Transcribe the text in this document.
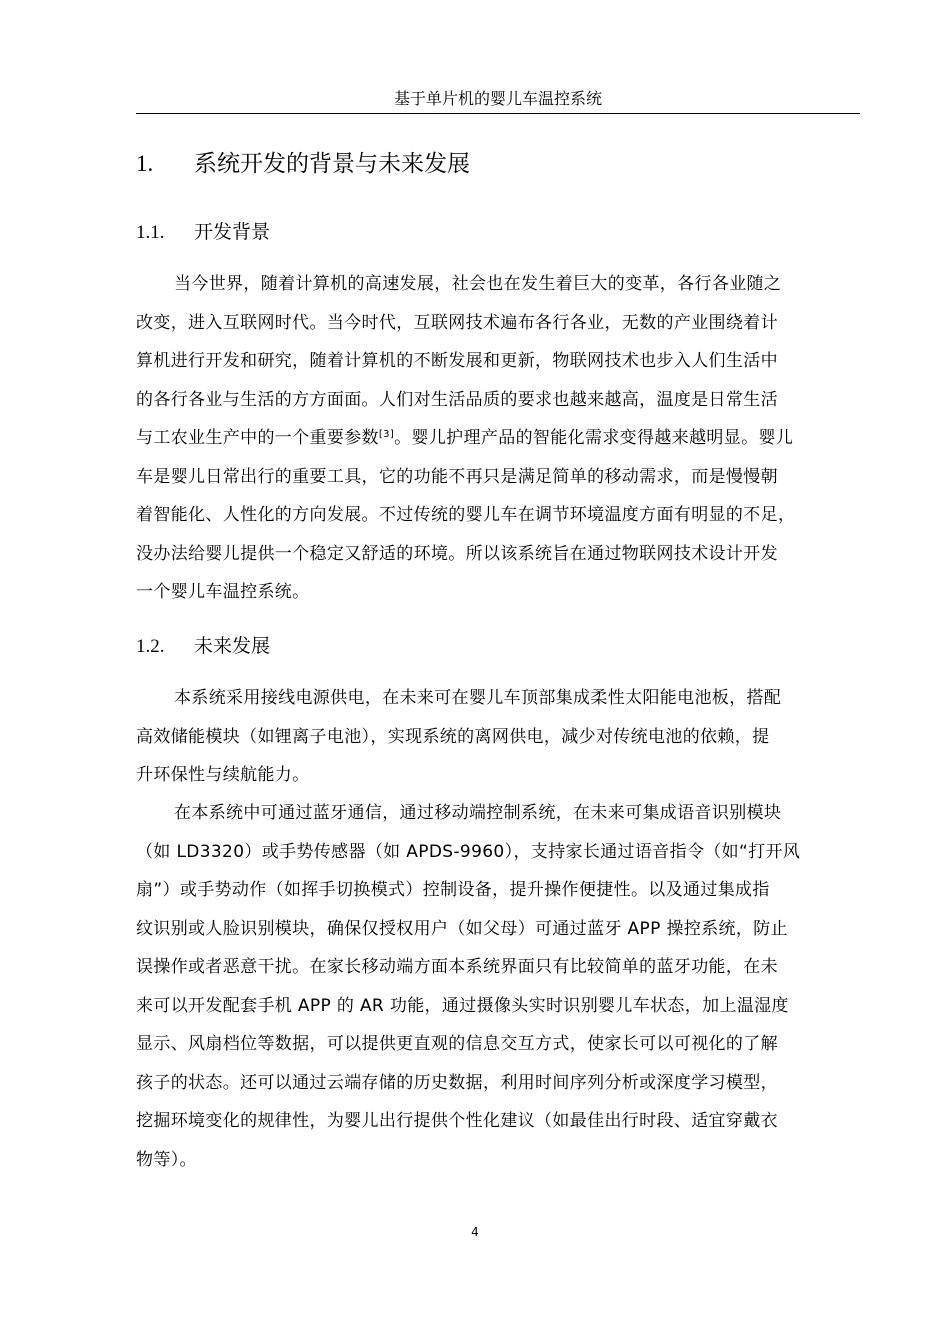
基于单片机的婴儿车温控系统
1. 系统开发的背景与未来发展
1.1. 开发背景
当今世界，随着计算机的高速发展，社会也在发生着巨大的变革，各行各业随之
改变，进入互联网时代。当今时代，互联网技术遍布各行各业，无数的产业围绕着计
算机进行开发和研究，随着计算机的不断发展和更新，物联网技术也步入人们生活中
的各行各业与生活的方方面面。人们对生活品质的要求也越来越高，温度是日常生活
与工农业生产中的一个重要参数[3]。婴儿护理产品的智能化需求变得越来越明显。婴儿
车是婴儿日常出行的重要工具，它的功能不再只是满足简单的移动需求，而是慢慢朝
着智能化、人性化的方向发展。不过传统的婴儿车在调节环境温度方面有明显的不足，
没办法给婴儿提供一个稳定又舒适的环境。所以该系统旨在通过物联网技术设计开发
一个婴儿车温控系统。
1.2. 未来发展
本系统采用接线电源供电，在未来可在婴儿车顶部集成柔性太阳能电池板，搭配
高效储能模块（如锂离子电池），实现系统的离网供电，减少对传统电池的依赖，提
升环保性与续航能力。
在本系统中可通过蓝牙通信，通过移动端控制系统，在未来可集成语音识别模块
（如 LD3320）或手势传感器（如 APDS-9960），支持家长通过语音指令（如“打开风
扇”）或手势动作（如挥手切换模式）控制设备，提升操作便捷性。以及通过集成指
纹识别或人脸识别模块，确保仅授权用户（如父母）可通过蓝牙 APP 操控系统，防止
误操作或者恶意干扰。在家长移动端方面本系统界面只有比较简单的蓝牙功能，在未
来可以开发配套手机 APP 的 AR 功能，通过摄像头实时识别婴儿车状态，加上温湿度
显示、风扇档位等数据，可以提供更直观的信息交互方式，使家长可以可视化的了解
孩子的状态。还可以通过云端存储的历史数据，利用时间序列分析或深度学习模型，
挖掘环境变化的规律性，为婴儿出行提供个性化建议（如最佳出行时段、适宜穿戴衣
物等）。
4
